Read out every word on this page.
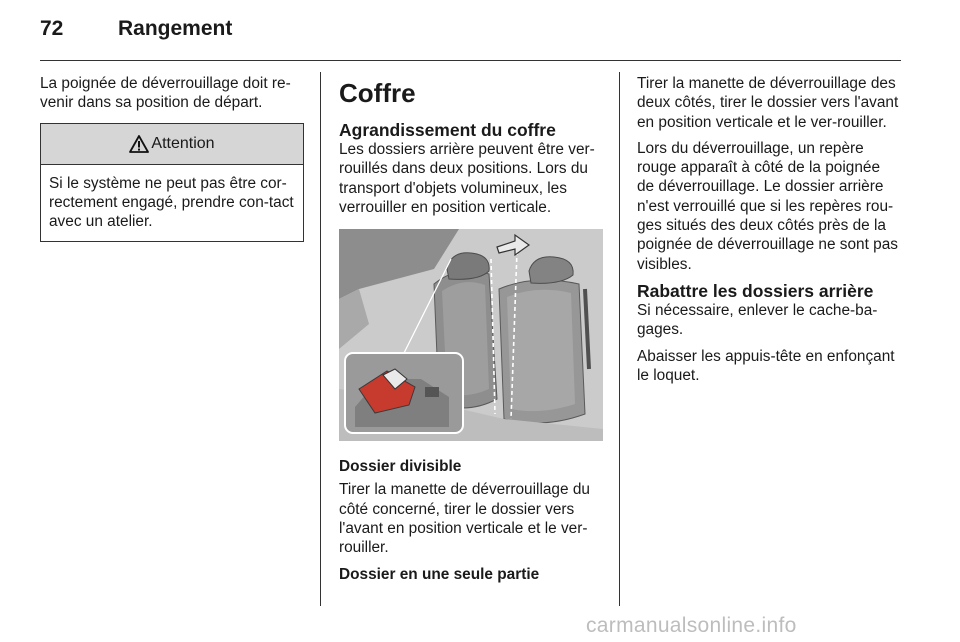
72	Rangement

La poignée de déverrouillage doit re-venir dans sa position de départ.

Attention
Si le système ne peut pas être cor-rectement engagé, prendre con-tact avec un atelier.
Coffre
Agrandissement du coffre

Les dossiers arrière peuvent être ver-rouillés dans deux positions. Lors du transport d'objets volumineux, les verrouiller en position verticale.

Dossier divisible

Tirer la manette de déverrouillage du côté concerné, tirer le dossier vers l'avant en position verticale et le ver-rouiller.

Dossier en une seule partie

Tirer la manette de déverrouillage des deux côtés, tirer le dossier vers l'avant en position verticale et le ver-rouiller.

Lors du déverrouillage, un repère rouge apparaît à côté de la poignée de déverrouillage. Le dossier arrière n'est verrouillé que si les repères rou-ges situés des deux côtés près de la poignée de déverrouillage ne sont pas visibles.

Rabattre les dossiers arrière

Si nécessaire, enlever le cache-ba-gages.

Abaisser les appuis-tête en enfonçant le loquet.

carmanualsonline.info
